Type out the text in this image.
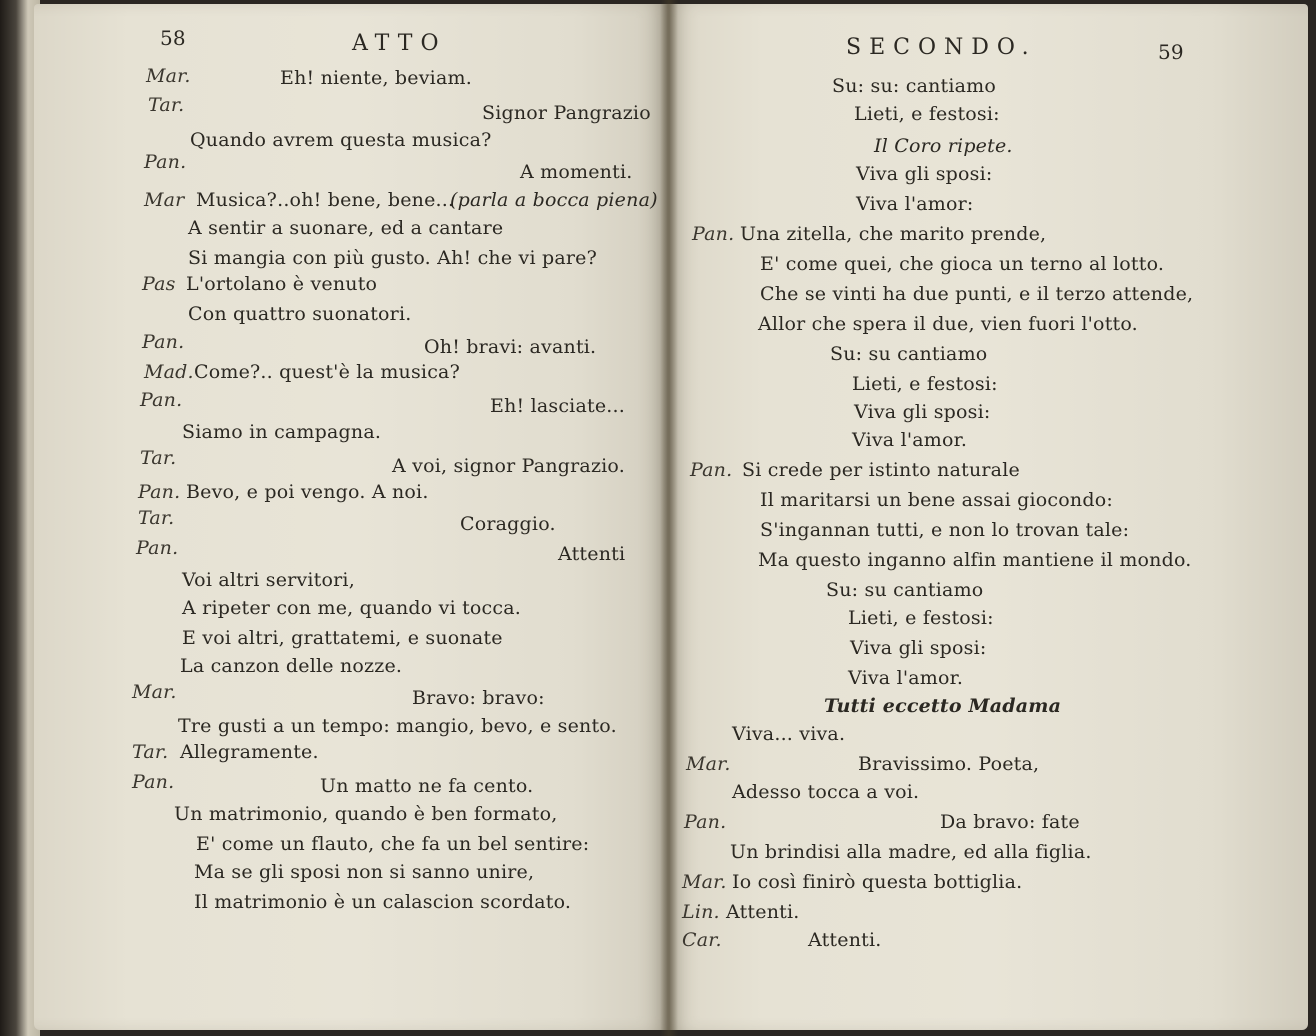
58	ATTO
Mar.	Eh! niente, beviam.
Tar.	Signor Pangrazio
Quando avrem questa musica?
Pan.	A momenti.
Mar Musica?..oh! bene, bene...
(parla a bocca piena)
A sentir a suonare, ed a cantare
Si mangia con più gusto. Ah! che vi pare?
Pas L'ortolano è venuto
Con quattro suonatori.
Pan.	Oh! bravi: avanti.
Mad. Come?.. quest'è la musica?
Pan.	Eh! lasciate...
Siamo in campagna.
Tar.	A voi, signor Pangrazio.
Pan. Bevo, e poi vengo. A noi.
Tar.	Coraggio.
Pan.	Attenti
Voi altri servitori,
A ripeter con me, quando vi tocca.
E voi altri, grattatemi, e suonate
La canzon delle nozze.
Mar.	Bravo: bravo:
Tre gusti a un tempo: mangio, bevo, e sento.
Tar. Allegramente.
Pan.	Un matto ne fa cento.
Un matrimonio, quando è ben formato,
E' come un flauto, che fa un bel sentire:
Ma se gli sposi non si sanno unire,
Il matrimonio è un calascion scordato.
SECONDO.	59
Su: su: cantiamo
Lieti, e festosi:
Il Coro ripete.
Viva gli sposi:
Viva l'amor:
Pan. Una zitella, che marito prende,
E' come quei, che gioca un terno al lotto.
Che se vinti ha due punti, e il terzo attende,
Allor che spera il due, vien fuori l'otto.
Su: su cantiamo
Lieti, e festosi:
Viva gli sposi:
Viva l'amor.
Pan. Si crede per istinto naturale
Il maritarsi un bene assai giocondo:
S'ingannan tutti, e non lo trovan tale:
Ma questo inganno alfin mantiene il mondo.
Su: su cantiamo
Lieti, e festosi:
Viva gli sposi:
Viva l'amor.
Tutti eccetto Madama
Viva... viva.
Mar.	Bravissimo. Poeta,
Adesso tocca a voi.
Pan.	Da bravo: fate
Un brindisi alla madre, ed alla figlia.
Mar. Io così finirò questa bottiglia.
Lin. Attenti.
Car.	Attenti.
